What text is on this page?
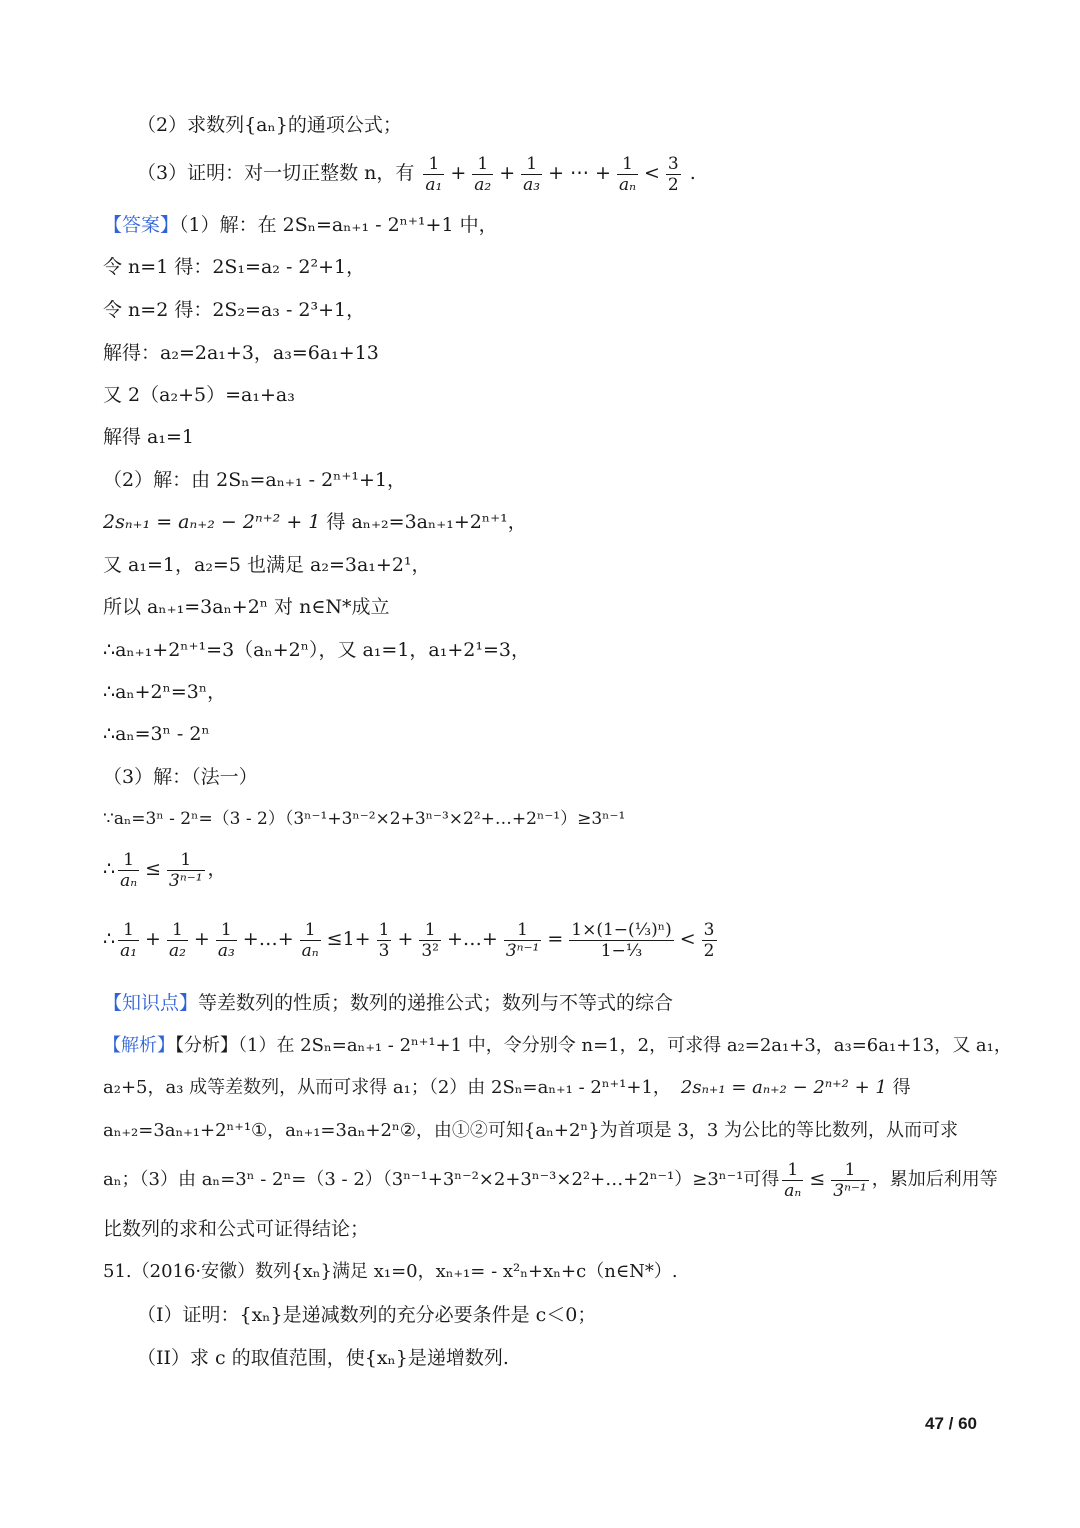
（2）求数列{aₙ}的通项公式；
（3）证明：对一切正整数 n，有 $\frac{1}{\text{a₁}} + \frac{1}{\text{a₂}} + \frac{1}{\text{a₃}}$ + ⋯ + $\frac{1}{\text{aₙ}} < \frac{3}{2}$ .
【答案】（1）解：在 2Sₙ=aₙ₊₁ - 2ⁿ⁺¹+1 中，
令 n=1 得：2S₁=a₂ - 2²+1，
令 n=2 得：2S₂=a₃ - 2³+1，
解得：a₂=2a₁+3，a₃=6a₁+13
又 2（a₂+5）=a₁+a₃
解得 a₁=1
（2）解：由 2Sₙ=aₙ₊₁ - 2ⁿ⁺¹+1，
2sₙ₊₁ = aₙ₊₂ − 2ⁿ⁺² + 1 得 aₙ₊₂=3aₙ₊₁+2ⁿ⁺¹，
又 a₁=1，a₂=5 也满足 a₂=3a₁+2¹，
所以 aₙ₊₁=3aₙ+2ⁿ 对 n∈N*成立
∴aₙ₊₁+2ⁿ⁺¹=3（aₙ+2ⁿ），又 a₁=1，a₁+2¹=3，
∴aₙ+2ⁿ=3ⁿ，
∴aₙ=3ⁿ - 2ⁿ
（3）解：（法一）
∵aₙ=3ⁿ - 2ⁿ=（3 - 2）（3ⁿ⁻¹+3ⁿ⁻²×2+3ⁿ⁻³×2²+…+2ⁿ⁻¹）≥3ⁿ⁻¹
∴ $\frac{1}{\text{aₙ}} \le \frac{1}{\text{3ⁿ⁻¹}}$ ，
∴ $\frac{1}{\text{a₁}} + \frac{1}{\text{a₂}} + \frac{1}{\text{a₃}}$ +…+ $\frac{1}{\text{aₙ}} \le 1+ \frac{1}{3} + \frac{1}{\text{3²}}$ +…+ $\frac{1}{\text{3ⁿ⁻¹}} = \frac{\text{1×(1−(⅓)ⁿ)}}{\text{1−⅓}} < \frac{3}{2}$
【知识点】等差数列的性质；数列的递推公式；数列与不等式的综合
【解析】【分析】（1）在 2Sₙ=aₙ₊₁ - 2ⁿ⁺¹+1 中，令分别令 n=1，2，可求得 a₂=2a₁+3，a₃=6a₁+13，又 a₁，
a₂+5，a₃ 成等差数列，从而可求得 a₁；（2）由 2Sₙ=aₙ₊₁ - 2ⁿ⁺¹+1， 2sₙ₊₁ = aₙ₊₂ − 2ⁿ⁺² + 1 得
aₙ₊₂=3aₙ₊₁+2ⁿ⁺¹①，aₙ₊₁=3aₙ+2ⁿ②，由①②可知{aₙ+2ⁿ}为首项是 3，3 为公比的等比数列，从而可求
aₙ；（3）由 aₙ=3ⁿ - 2ⁿ=（3 - 2）（3ⁿ⁻¹+3ⁿ⁻²×2+3ⁿ⁻³×2²+…+2ⁿ⁻¹）≥3ⁿ⁻¹可得 $\frac{1}{\text{aₙ}} \le \frac{1}{\text{3ⁿ⁻¹}}$ ，累加后利用等
比数列的求和公式可证得结论；
51.（2016·安徽）数列{xₙ}满足 x₁=0，xₙ₊₁= - x²ₙ+xₙ+c（n∈N*）.
（I）证明：{xₙ}是递减数列的充分必要条件是 c＜0；
（II）求 c 的取值范围，使{xₙ}是递增数列.
47 / 60
